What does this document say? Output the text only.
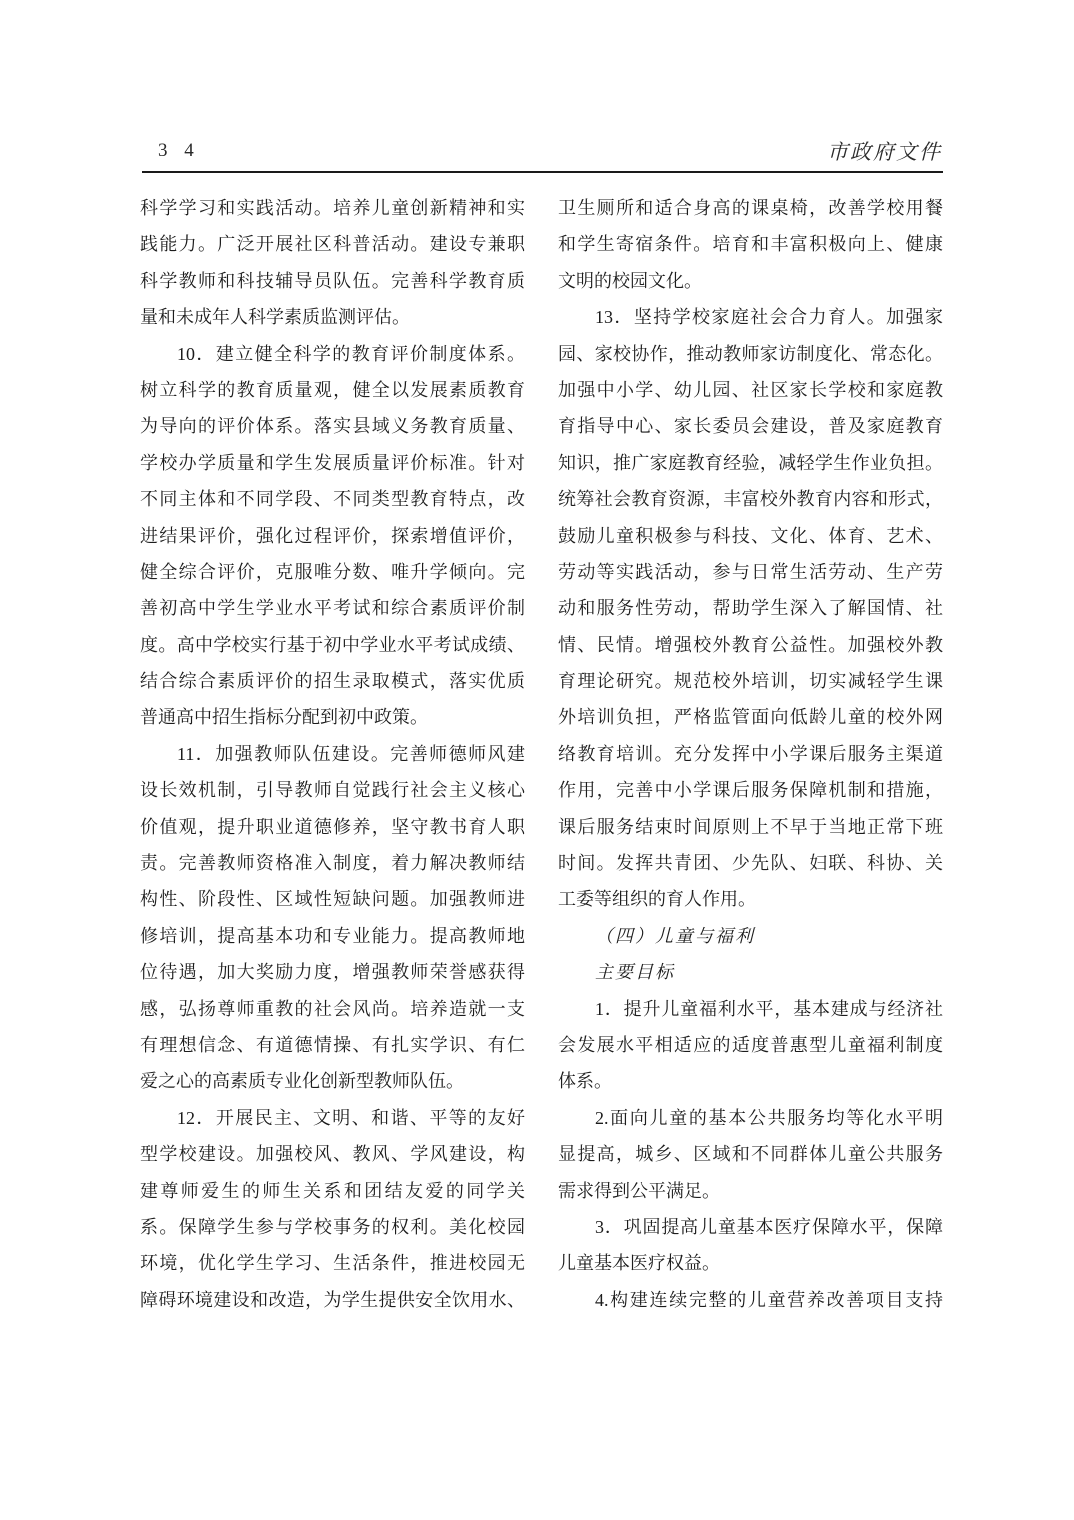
3 4	市政府文件
科学学习和实践活动。培养儿童创新精神和实
践能力。广泛开展社区科普活动。建设专兼职
科学教师和科技辅导员队伍。完善科学教育质
量和未成年人科学素质监测评估。
10．建立健全科学的教育评价制度体系。
树立科学的教育质量观，健全以发展素质教育
为导向的评价体系。落实县域义务教育质量、
学校办学质量和学生发展质量评价标准。针对
不同主体和不同学段、不同类型教育特点，改
进结果评价，强化过程评价，探索增值评价，
健全综合评价，克服唯分数、唯升学倾向。完
善初高中学生学业水平考试和综合素质评价制
度。高中学校实行基于初中学业水平考试成绩、
结合综合素质评价的招生录取模式，落实优质
普通高中招生指标分配到初中政策。
11．加强教师队伍建设。完善师德师风建
设长效机制，引导教师自觉践行社会主义核心
价值观，提升职业道德修养，坚守教书育人职
责。完善教师资格准入制度，着力解决教师结
构性、阶段性、区域性短缺问题。加强教师进
修培训，提高基本功和专业能力。提高教师地
位待遇，加大奖励力度，增强教师荣誉感获得
感，弘扬尊师重教的社会风尚。培养造就一支
有理想信念、有道德情操、有扎实学识、有仁
爱之心的高素质专业化创新型教师队伍。
12．开展民主、文明、和谐、平等的友好
型学校建设。加强校风、教风、学风建设，构
建尊师爱生的师生关系和团结友爱的同学关
系。保障学生参与学校事务的权利。美化校园
环境，优化学生学习、生活条件，推进校园无
障碍环境建设和改造，为学生提供安全饮用水、
卫生厕所和适合身高的课桌椅，改善学校用餐
和学生寄宿条件。培育和丰富积极向上、健康
文明的校园文化。
13．坚持学校家庭社会合力育人。加强家
园、家校协作，推动教师家访制度化、常态化。
加强中小学、幼儿园、社区家长学校和家庭教
育指导中心、家长委员会建设，普及家庭教育
知识，推广家庭教育经验，减轻学生作业负担。
统筹社会教育资源，丰富校外教育内容和形式，
鼓励儿童积极参与科技、文化、体育、艺术、
劳动等实践活动，参与日常生活劳动、生产劳
动和服务性劳动，帮助学生深入了解国情、社
情、民情。增强校外教育公益性。加强校外教
育理论研究。规范校外培训，切实减轻学生课
外培训负担，严格监管面向低龄儿童的校外网
络教育培训。充分发挥中小学课后服务主渠道
作用，完善中小学课后服务保障机制和措施，
课后服务结束时间原则上不早于当地正常下班
时间。发挥共青团、少先队、妇联、科协、关
工委等组织的育人作用。
（四）儿童与福利
主要目标
1．提升儿童福利水平，基本建成与经济社
会发展水平相适应的适度普惠型儿童福利制度
体系。
2.面向儿童的基本公共服务均等化水平明
显提高，城乡、区域和不同群体儿童公共服务
需求得到公平满足。
3．巩固提高儿童基本医疗保障水平，保障
儿童基本医疗权益。
4.构建连续完整的儿童营养改善项目支持
